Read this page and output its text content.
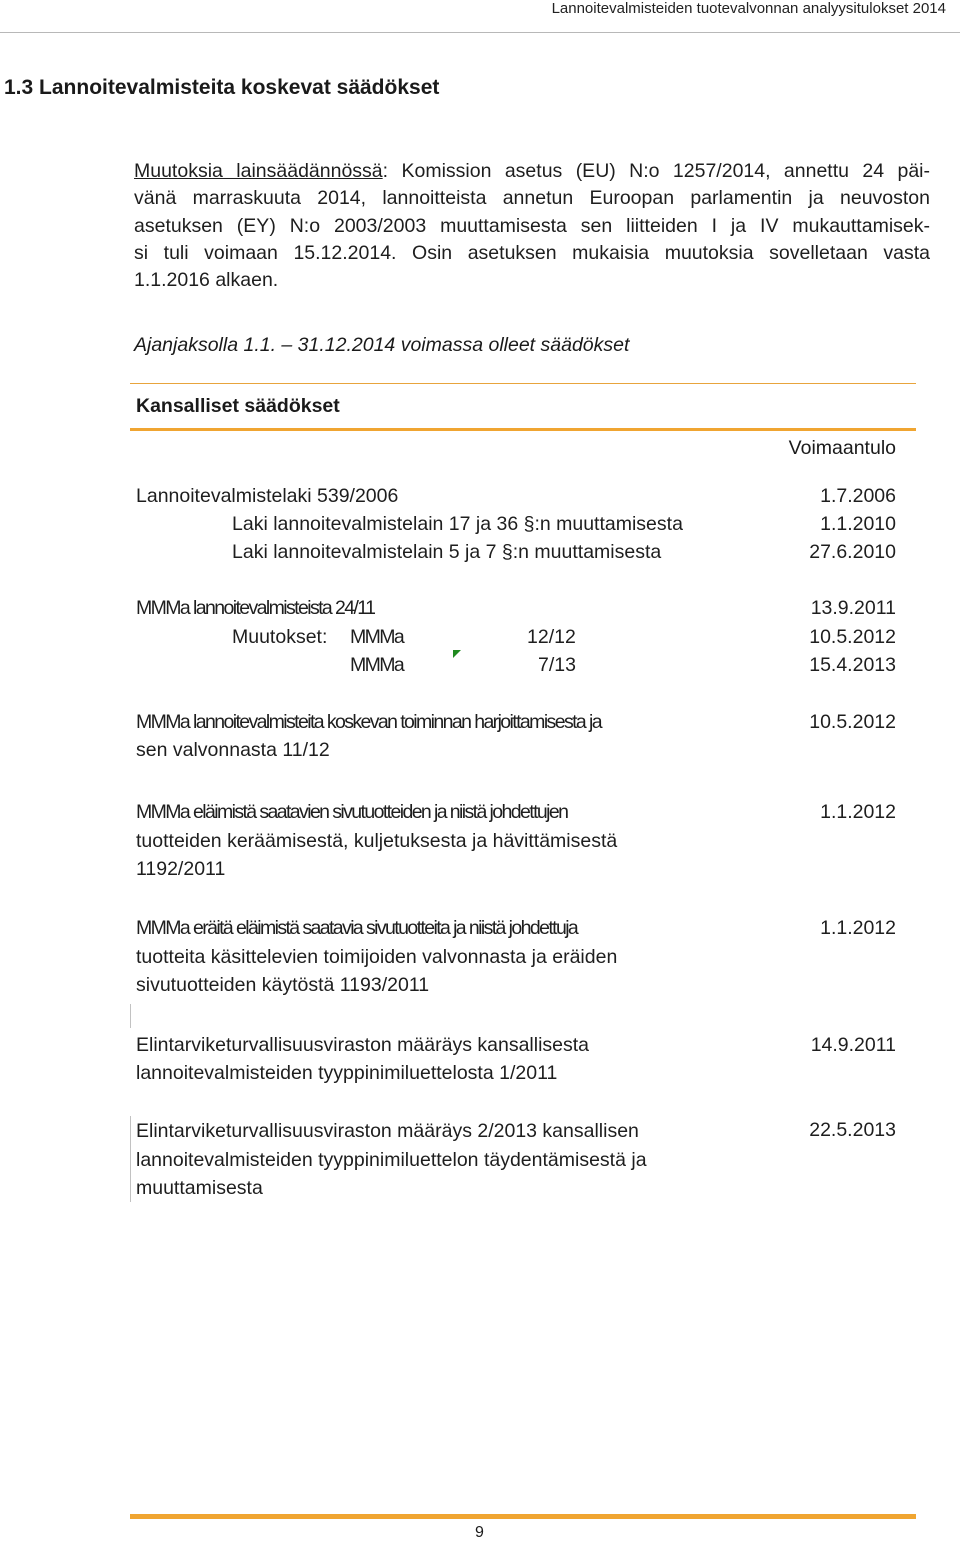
Lannoitevalmisteiden tuotevalvonnan analyysitulokset 2014
1.3 Lannoitevalmisteita koskevat säädökset
Muutoksia lainsäädännössä: Komission asetus (EU) N:o 1257/2014, annettu 24 päi-
vänä marraskuuta 2014, lannoitteista annetun Euroopan parlamentin ja neuvoston
asetuksen (EY) N:o 2003/2003 muuttamisesta sen liitteiden I ja IV mukauttamisek-
si tuli voimaan 15.12.2014. Osin asetuksen mukaisia muutoksia sovelletaan vasta
1.1.2016 alkaen.
Ajanjaksolla 1.1. – 31.12.2014 voimassa olleet säädökset
Kansalliset säädökset
Voimaantulo
Lannoitevalmistelaki 539/2006	1.7.2006
Laki lannoitevalmistelain 17 ja 36 §:n muuttamisesta	1.1.2010
Laki lannoitevalmistelain 5 ja 7 §:n muuttamisesta	27.6.2010
MMMa lannoitevalmisteista 24/11	13.9.2011
Muutokset: MMMa	12/12	10.5.2012
MMMa	7/13	15.4.2013
MMMa lannoitevalmisteita koskevan toiminnan harjoittamisesta ja
sen valvonnasta 11/12
10.5.2012
MMMa eläimistä saatavien sivutuotteiden ja niistä johdettujen
tuotteiden keräämisestä, kuljetuksesta ja hävittämisestä
1192/2011
1.1.2012
MMMa eräitä eläimistä saatavia sivutuotteita ja niistä johdettuja
tuotteita käsittelevien toimijoiden valvonnasta ja eräiden
sivutuotteiden käytöstä 1193/2011
1.1.2012
Elintarviketurvallisuusviraston määräys kansallisesta
lannoitevalmisteiden tyyppinimiluettelosta 1/2011
14.9.2011
Elintarviketurvallisuusviraston määräys 2/2013 kansallisen
lannoitevalmisteiden tyyppinimiluettelon täydentämisestä ja
muuttamisesta
22.5.2013
9
